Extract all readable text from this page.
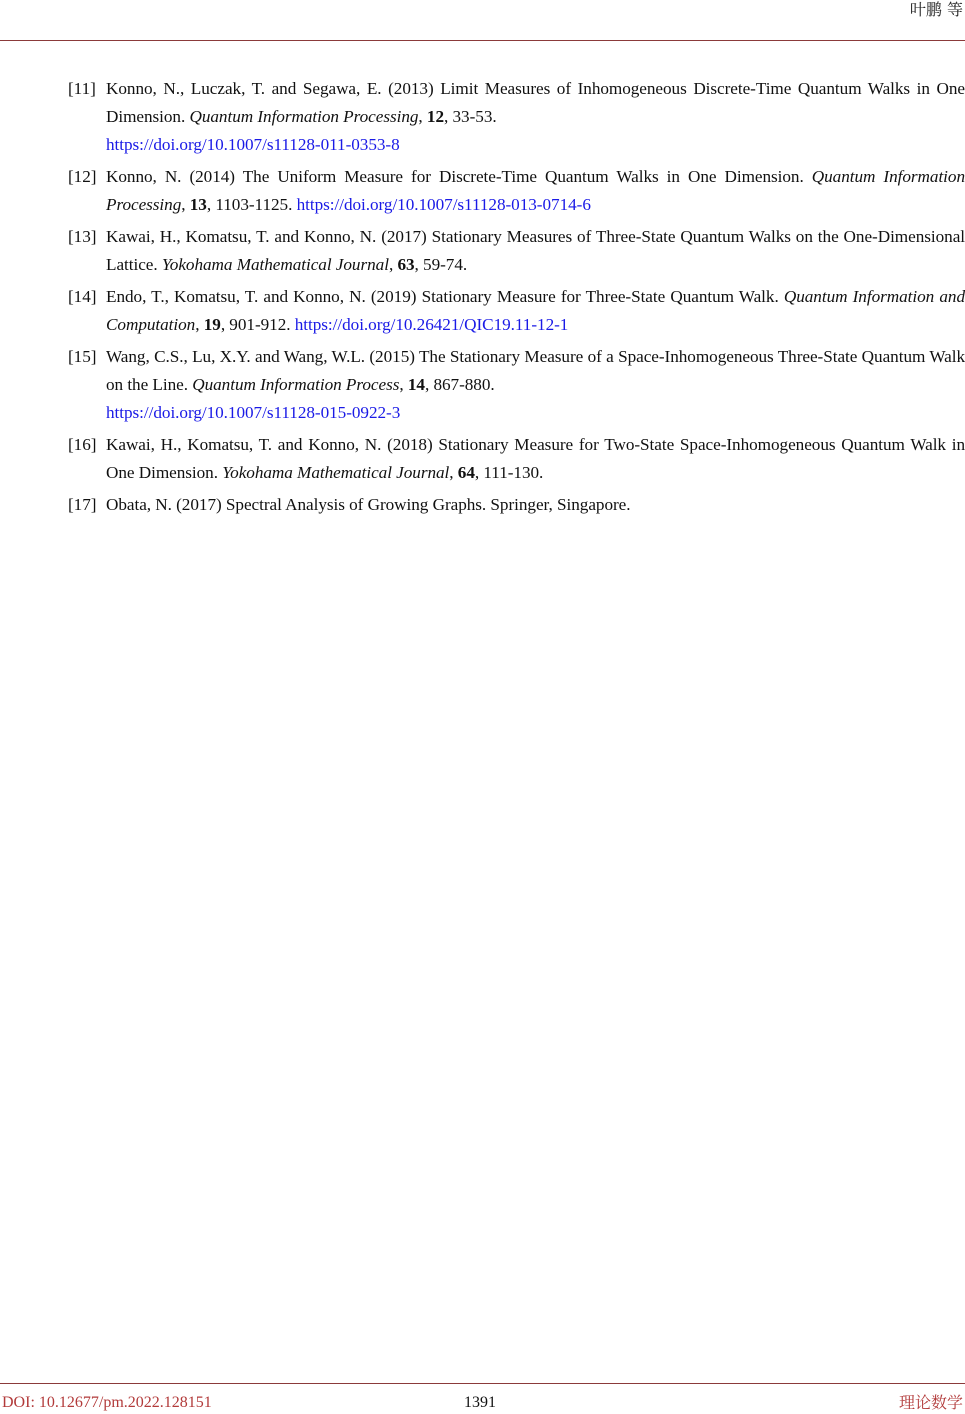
叶鹏 等
[11] Konno, N., Luczak, T. and Segawa, E. (2013) Limit Measures of Inhomogeneous Discrete-Time Quantum Walks in One Dimension. Quantum Information Processing, 12, 33-53.
https://doi.org/10.1007/s11128-011-0353-8
[12] Konno, N. (2014) The Uniform Measure for Discrete-Time Quantum Walks in One Dimension. Quantum Information Processing, 13, 1103-1125. https://doi.org/10.1007/s11128-013-0714-6
[13] Kawai, H., Komatsu, T. and Konno, N. (2017) Stationary Measures of Three-State Quantum Walks on the One-Dimensional Lattice. Yokohama Mathematical Journal, 63, 59-74.
[14] Endo, T., Komatsu, T. and Konno, N. (2019) Stationary Measure for Three-State Quantum Walk. Quantum Information and Computation, 19, 901-912. https://doi.org/10.26421/QIC19.11-12-1
[15] Wang, C.S., Lu, X.Y. and Wang, W.L. (2015) The Stationary Measure of a Space-Inhomogeneous Three-State Quantum Walk on the Line. Quantum Information Process, 14, 867-880.
https://doi.org/10.1007/s11128-015-0922-3
[16] Kawai, H., Komatsu, T. and Konno, N. (2018) Stationary Measure for Two-State Space-Inhomogeneous Quantum Walk in One Dimension. Yokohama Mathematical Journal, 64, 111-130.
[17] Obata, N. (2017) Spectral Analysis of Growing Graphs. Springer, Singapore.
DOI: 10.12677/pm.2022.128151	1391	理论数学
